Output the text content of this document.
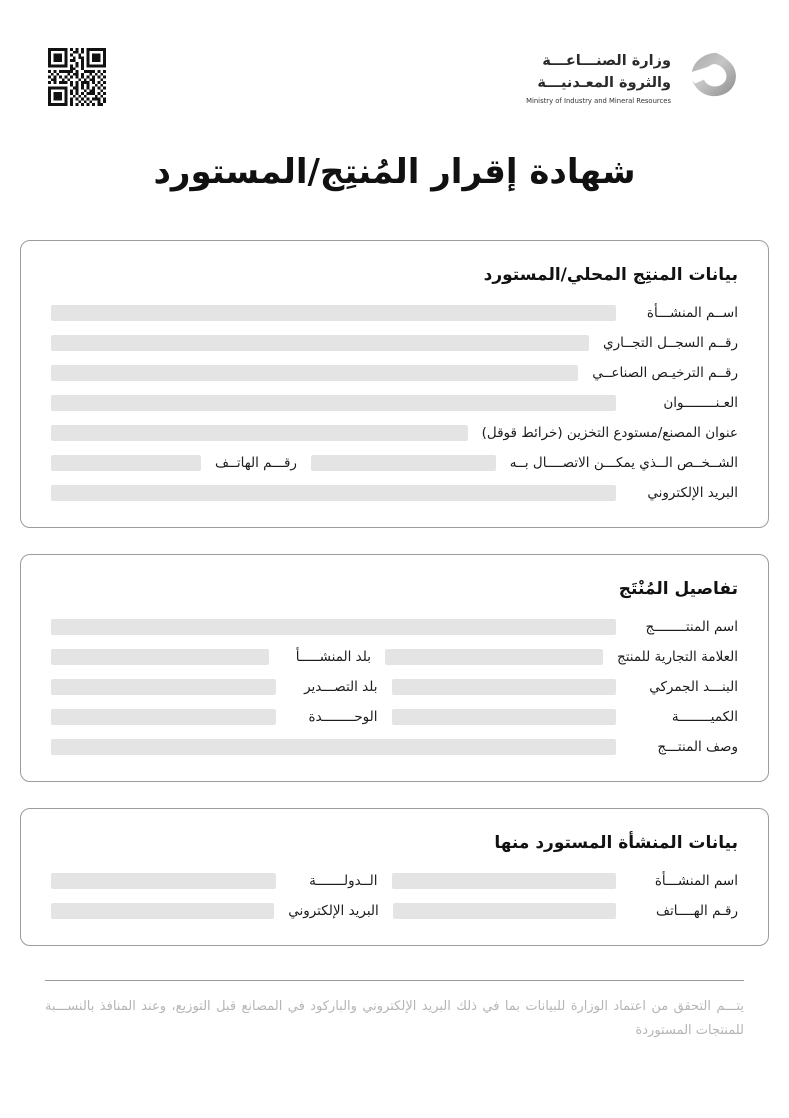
وزارة الصنـــاعـــة
والثروة المعـدنيـــة
Ministry of Industry and Mineral Resources
شهادة إقرار المُنتِج/المستورد
بيانات المنتِج المحلي/المستورد
اســم المنشـــأة
رقــم السجــل التجــاري
رقــم الترخيـص الصناعــي
العـنــــــــوان
عنوان المصنع/مستودع التخزين (خرائط قوقل)
الشــخــص الــذي يمكـــن الاتصــــال بــه
رقـــم الهاتــف
البريد الإلكتروني
تفاصيل المُنْتَج
اسم المنتــــــــج
العلامة التجارية للمنتج
بلد المنشـــــأ
البنـــد الجمركي
بلد التصـــدير
الكميــــــــة
الوحــــــــدة
وصف المنتـــج
بيانات المنشأة المستورد منها
اسم المنشـــأة
الــدولـــــــة
رقـم الهــــاتف
البريد الإلكتروني
يتـــم التحقق من اعتماد الوزارة للبيانات بما في ذلك البريد الإلكتروني والباركود في المصانع قبل التوزيع، وعند المنافذ بالنســـبة للمنتجات المستوردة
